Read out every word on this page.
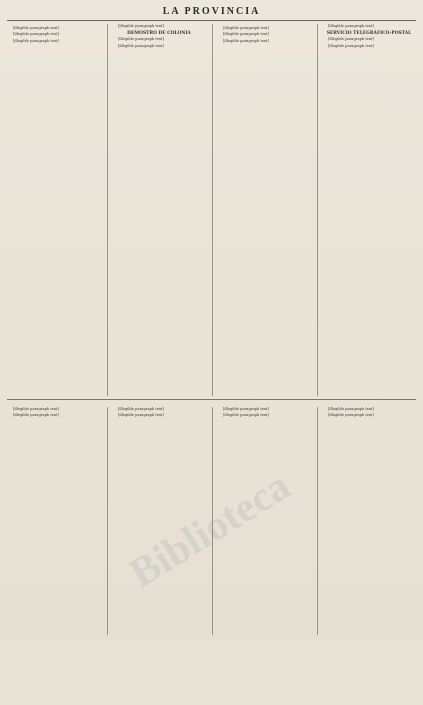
LA PROVINCIA

[illegible paragraph text]

[illegible paragraph text]

[illegible paragraph text]

[illegible paragraph text]

DEMOSTRO DE COLONIA

[illegible paragraph text]

[illegible paragraph text]

[illegible paragraph text]

[illegible paragraph text]

[illegible paragraph text]

[illegible paragraph text]

SERVICIO TELEGRÁFICO-POSTAL

[illegible paragraph text]

[illegible paragraph text]

[illegible paragraph text]

[illegible paragraph text]

[illegible paragraph text]

[illegible paragraph text]

[illegible paragraph text]

[illegible paragraph text]

[illegible paragraph text]

[illegible paragraph text]

Biblioteca
